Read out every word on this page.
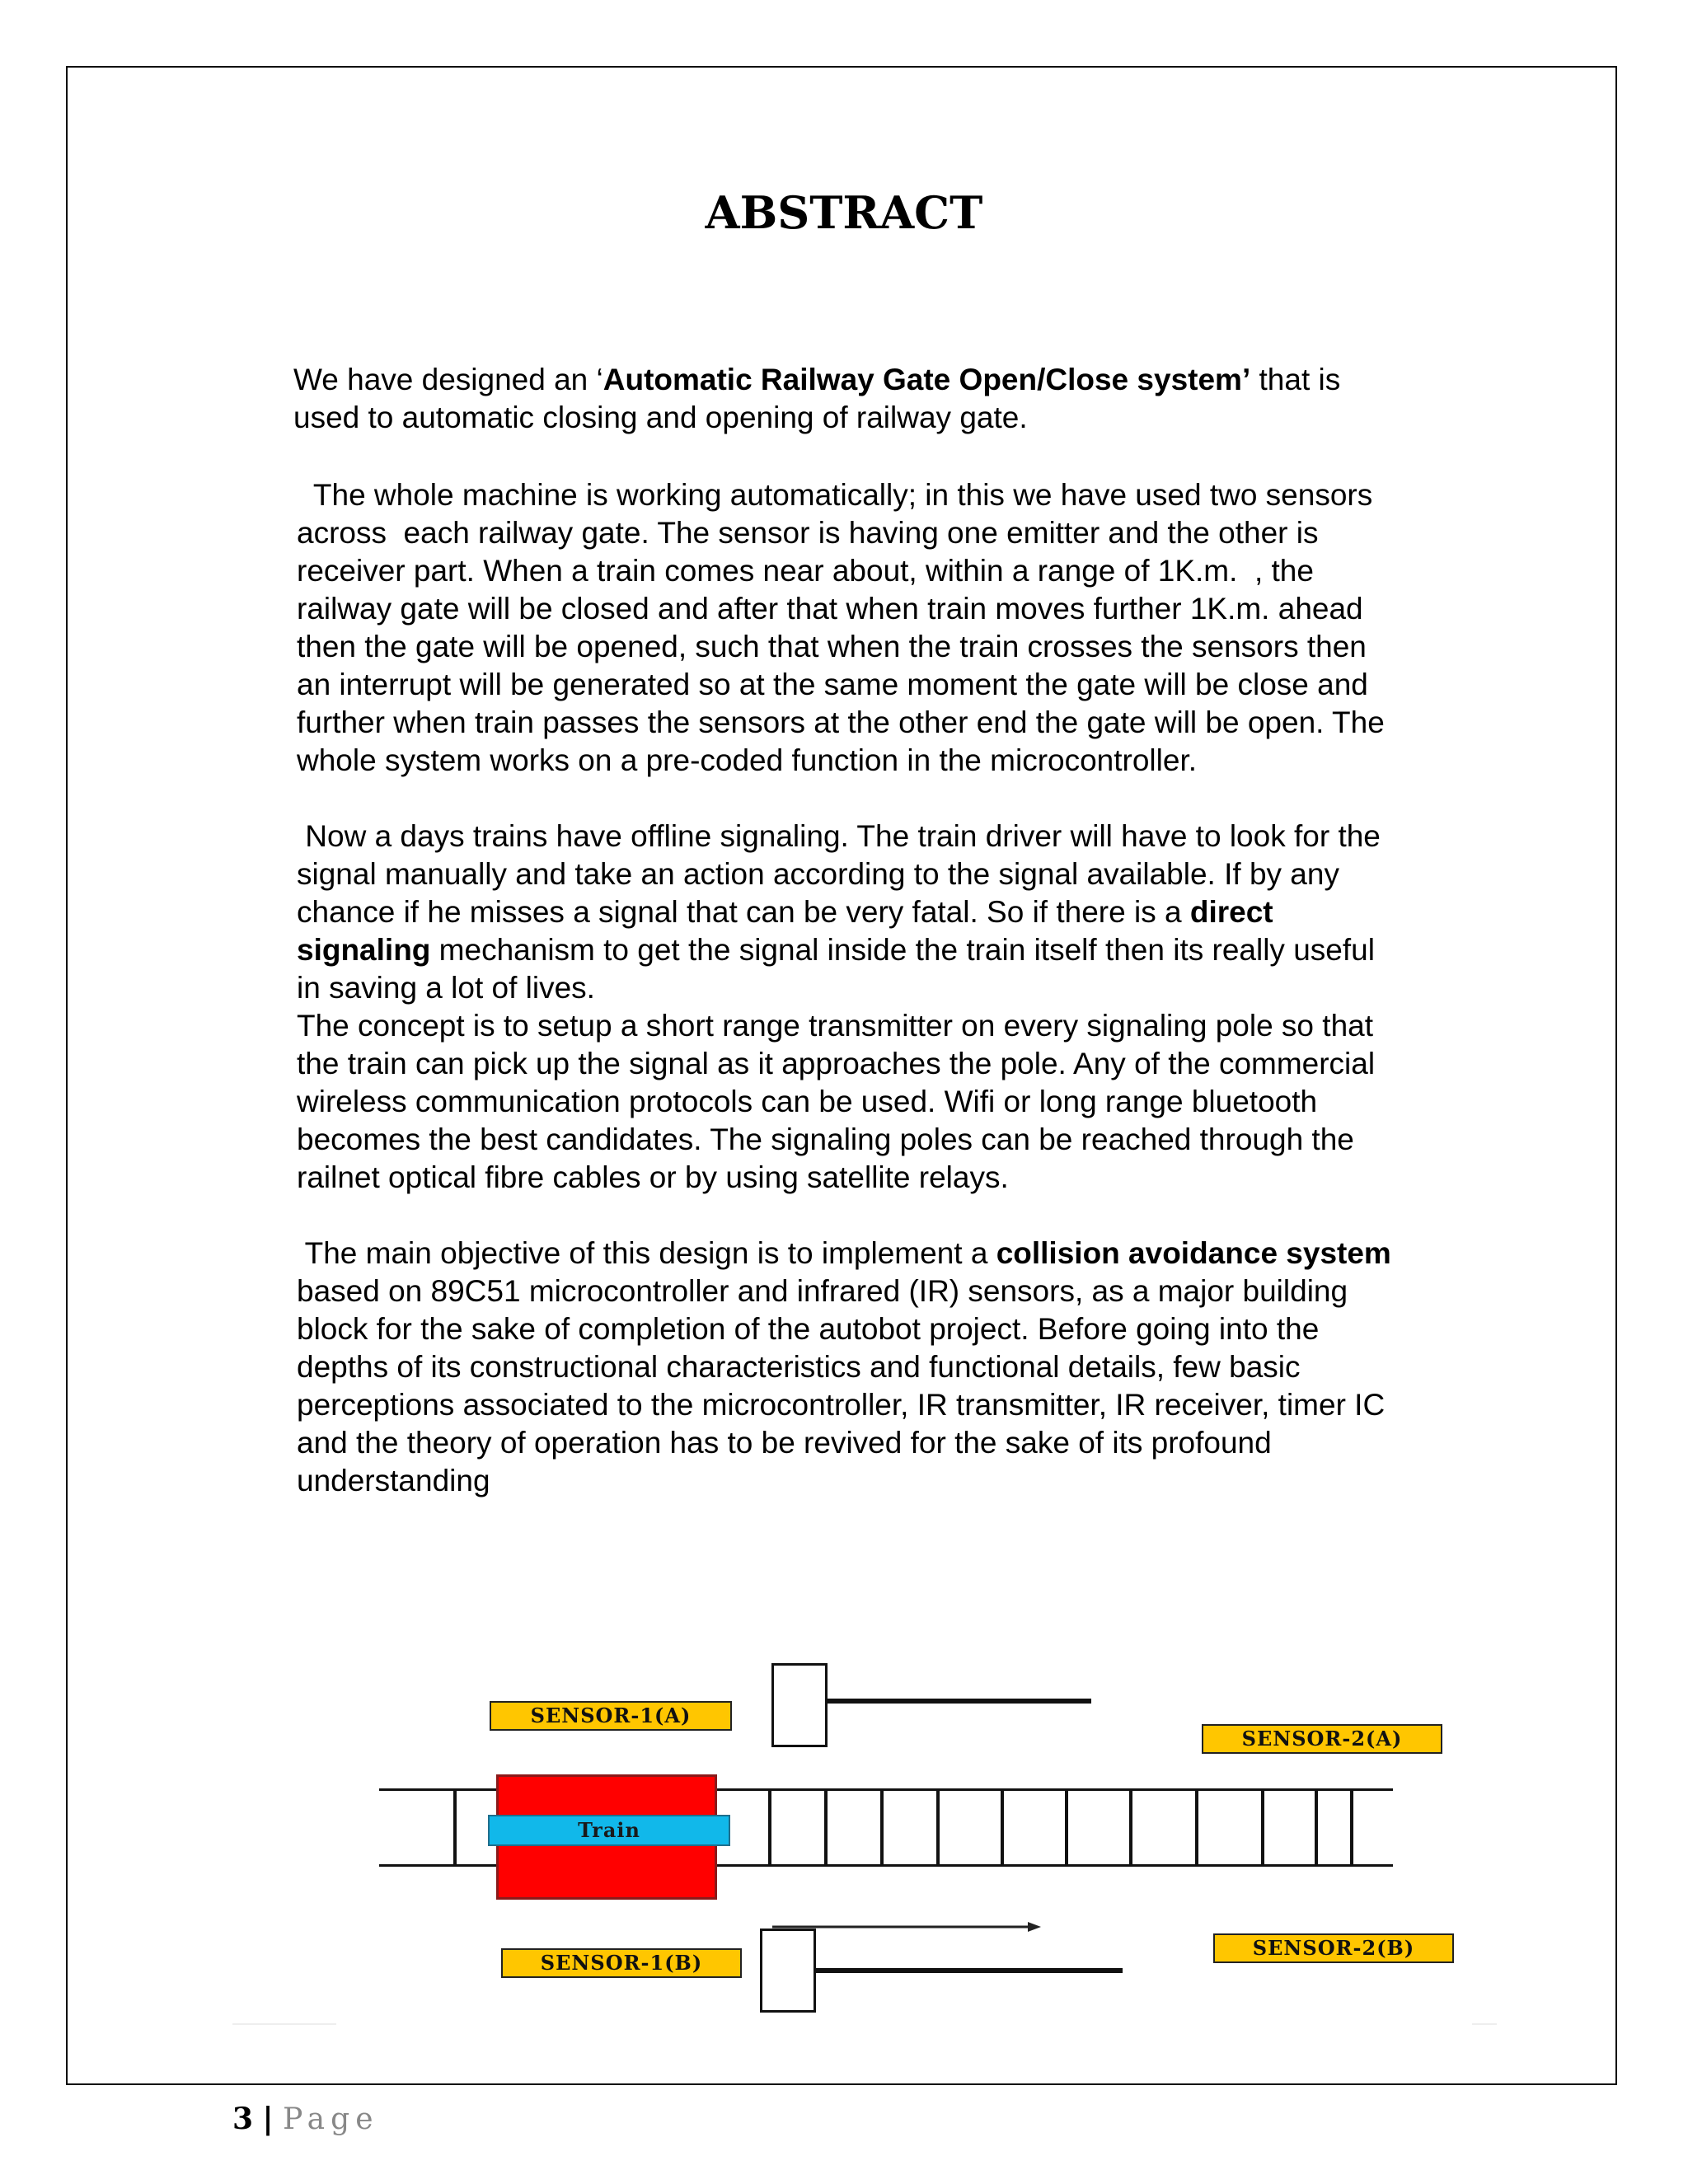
ABSTRACT

We have designed an ‘Automatic Railway Gate Open/Close system’ that is
used to automatic closing and opening of railway gate.

The whole machine is working automatically; in this we have used two sensors
across  each railway gate. The sensor is having one emitter and the other is
receiver part. When a train comes near about, within a range of 1K.m.  , the
railway gate will be closed and after that when train moves further 1K.m. ahead
then the gate will be opened, such that when the train crosses the sensors then
an interrupt will be generated so at the same moment the gate will be close and
further when train passes the sensors at the other end the gate will be open. The
whole system works on a pre-coded function in the microcontroller.

Now a days trains have offline signaling. The train driver will have to look for the
signal manually and take an action according to the signal available. If by any
chance if he misses a signal that can be very fatal. So if there is a direct
signaling mechanism to get the signal inside the train itself then its really useful
in saving a lot of lives.
The concept is to setup a short range transmitter on every signaling pole so that
the train can pick up the signal as it approaches the pole. Any of the commercial
wireless communication protocols can be used. Wifi or long range bluetooth
becomes the best candidates. The signaling poles can be reached through the
railnet optical fibre cables or by using satellite relays.

The main objective of this design is to implement a collision avoidance system
based on 89C51 microcontroller and infrared (IR) sensors, as a major building
block for the sake of completion of the autobot project. Before going into the
depths of its constructional characteristics and functional details, few basic
perceptions associated to the microcontroller, IR transmitter, IR receiver, timer IC
and the theory of operation has to be revived for the sake of its profound
understanding

Train
SENSOR-1(A)
SENSOR-2(A)
SENSOR-1(B)
SENSOR-2(B)
3 | Page
